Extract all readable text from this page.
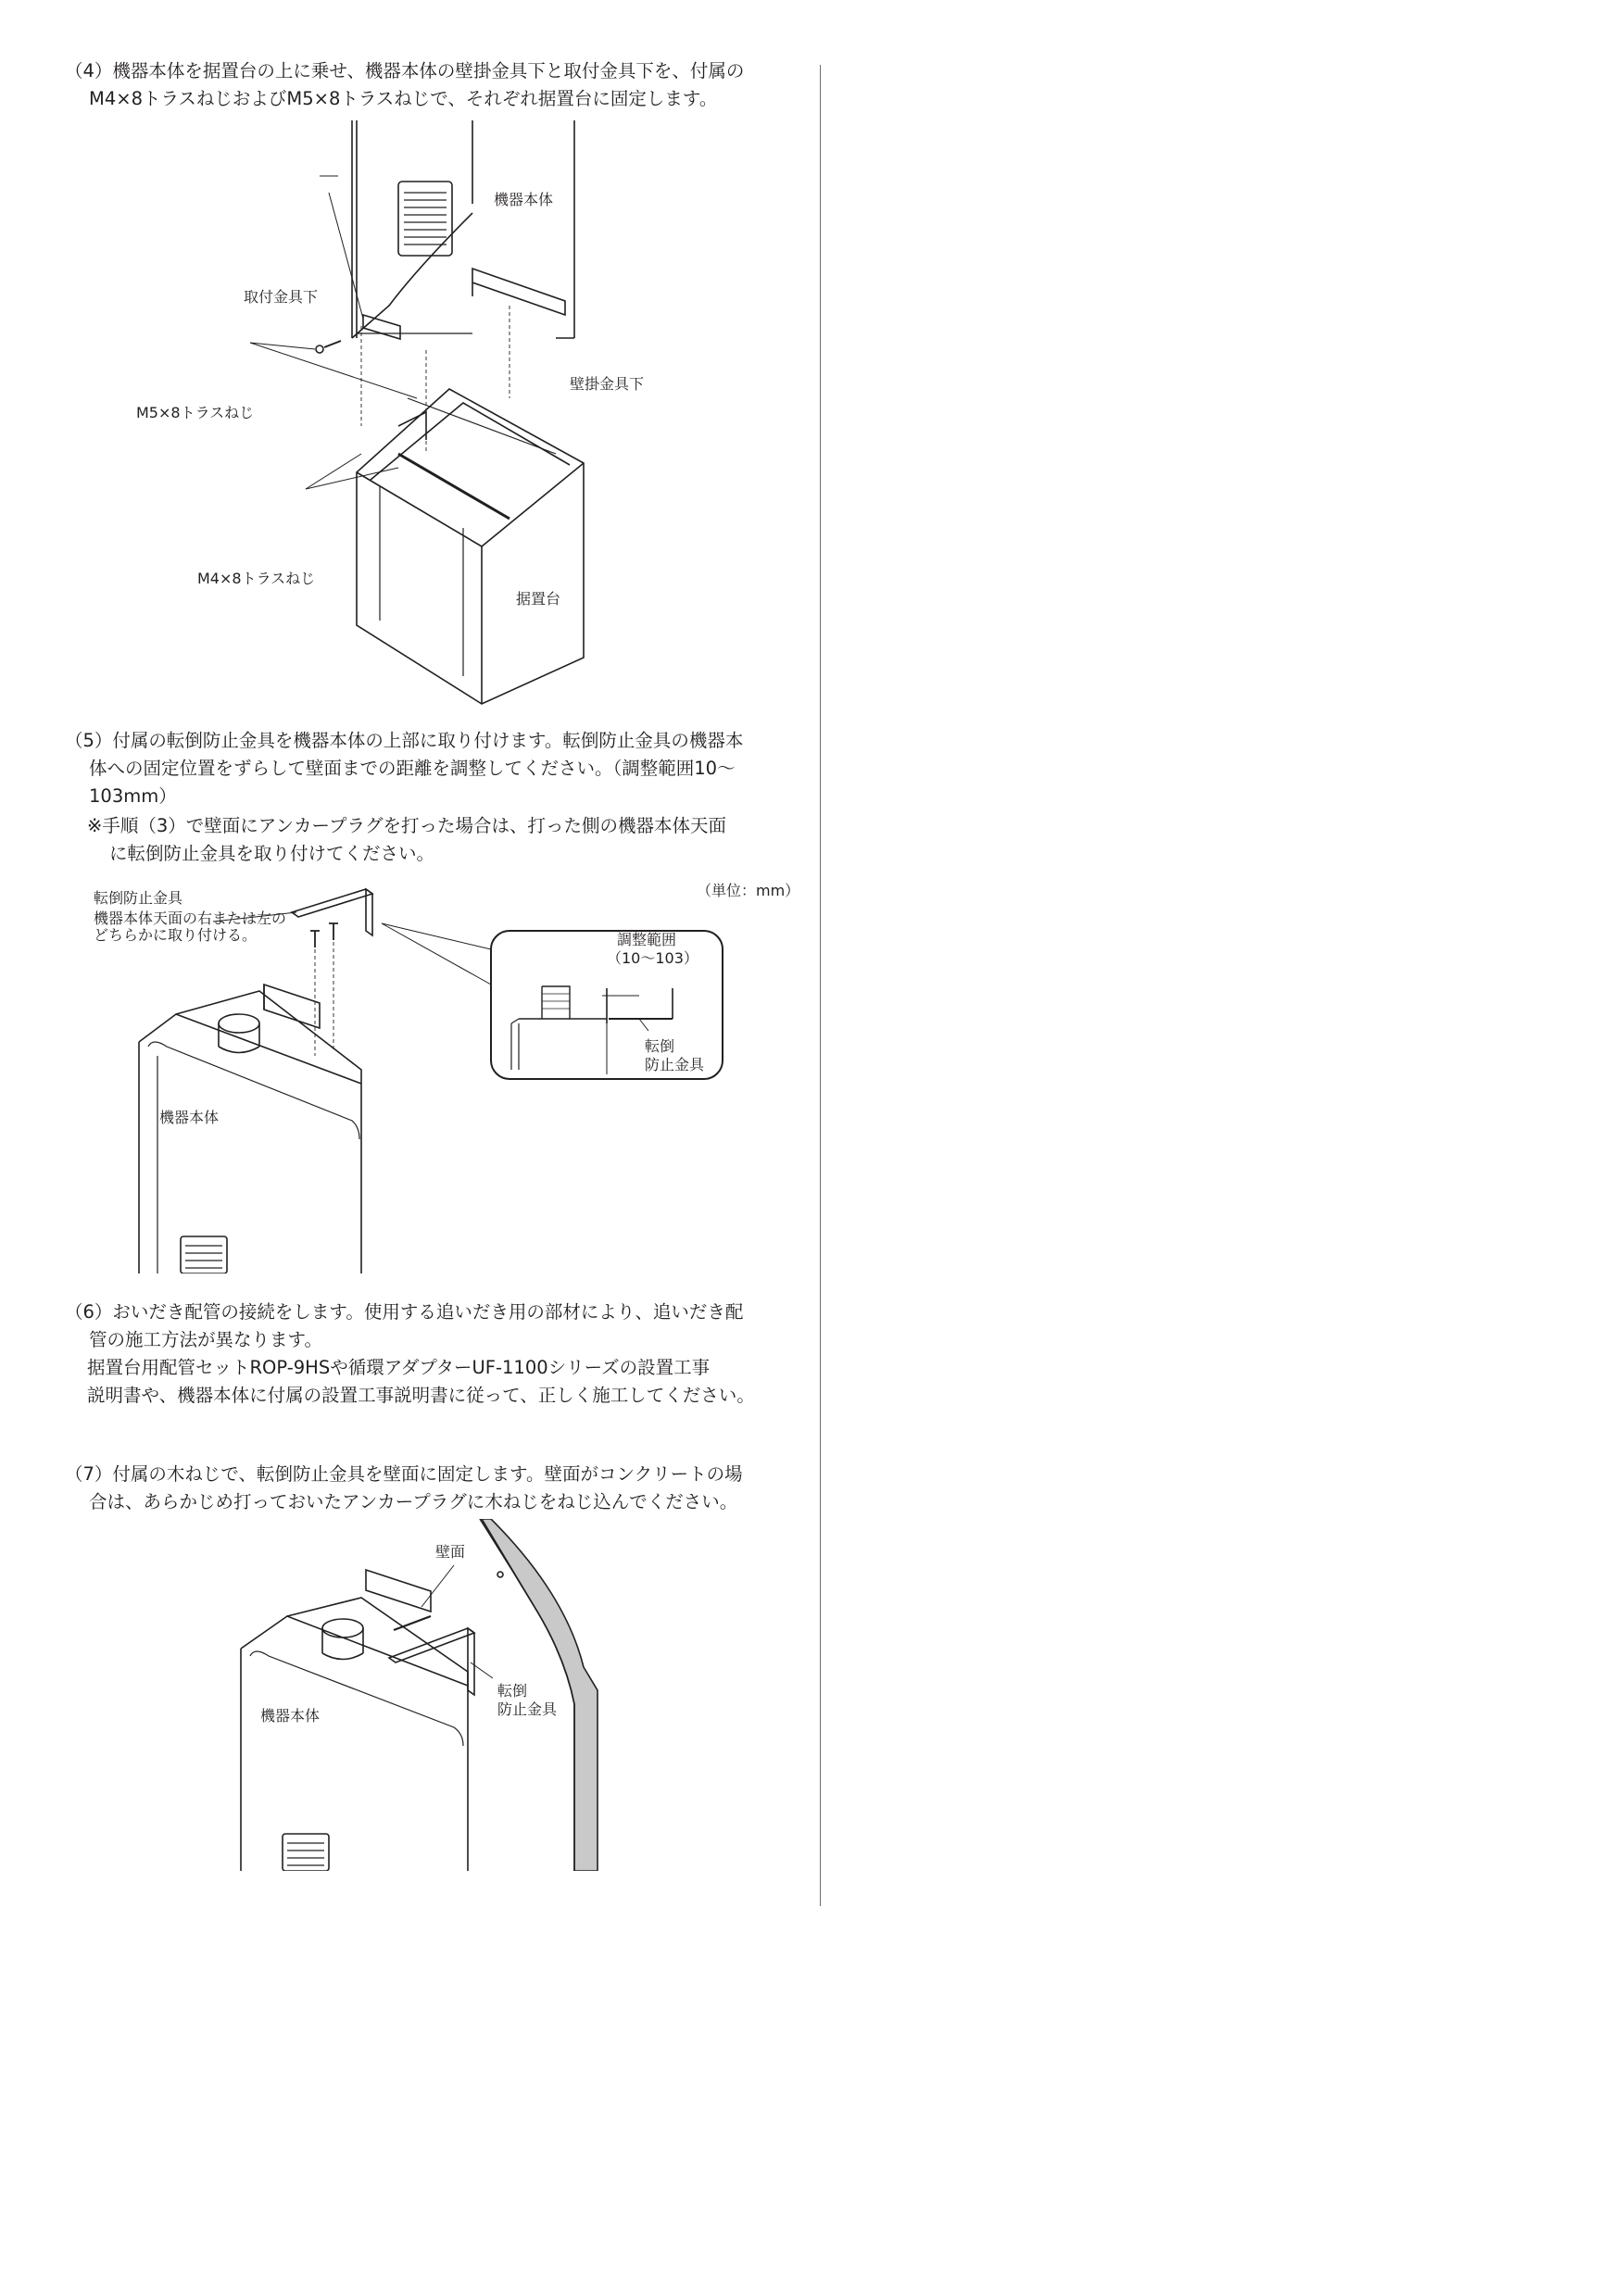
（4）機器本体を据置台の上に乗せ、機器本体の壁掛金具下と取付金具下を、付属の
M4×8トラスねじおよびM5×8トラスねじで、それぞれ据置台に固定します。

機器本体
取付金具下
壁掛金具下
M5×8トラスねじ
M4×8トラスねじ
据置台

（5）付属の転倒防止金具を機器本体の上部に取り付けます。転倒防止金具の機器本
体への固定位置をずらして壁面までの距離を調整してください。（調整範囲10〜
103mm）

※手順（3）で壁面にアンカープラグを打った場合は、打った側の機器本体天面
に転倒防止金具を取り付けてください。

転倒防止金具
機器本体天面の右または左の
どちらかに取り付ける。
（単位：mm）
調整範囲
（10〜103）
転倒
防止金具
機器本体

（6）おいだき配管の接続をします。使用する追いだき用の部材により、追いだき配
管の施工方法が異なります。
据置台用配管セットROP-9HSや循環アダプターUF-1100シリーズの設置工事
説明書や、機器本体に付属の設置工事説明書に従って、正しく施工してください。

（7）付属の木ねじで、転倒防止金具を壁面に固定します。壁面がコンクリートの場
合は、あらかじめ打っておいたアンカープラグに木ねじをねじ込んでください。

壁面
転倒
防止金具
機器本体
